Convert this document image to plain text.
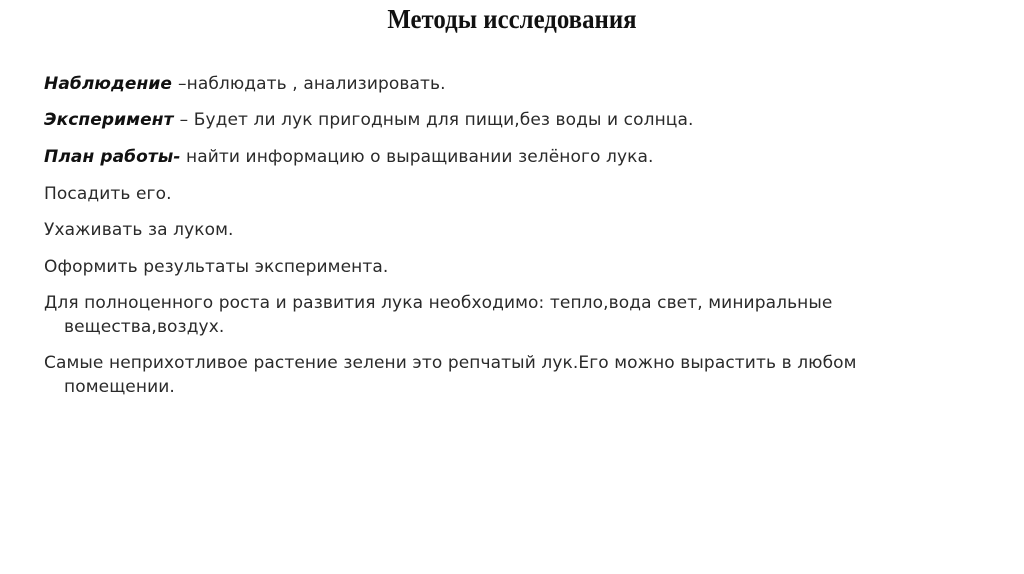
Методы исследования

Наблюдение –наблюдать , анализировать.

Эксперимент – Будет ли лук пригодным для пищи,без воды и солнца.

План работы- найти информацию о выращивании зелёного лука.

Посадить его.

Ухаживать за луком.

Оформить результаты эксперимента.

Для полноценного роста и развития лука необходимо: тепло,вода свет, миниральные вещества,воздух.

Самые неприхотливое растение зелени это репчатый лук.Его можно вырастить в любом помещении.
